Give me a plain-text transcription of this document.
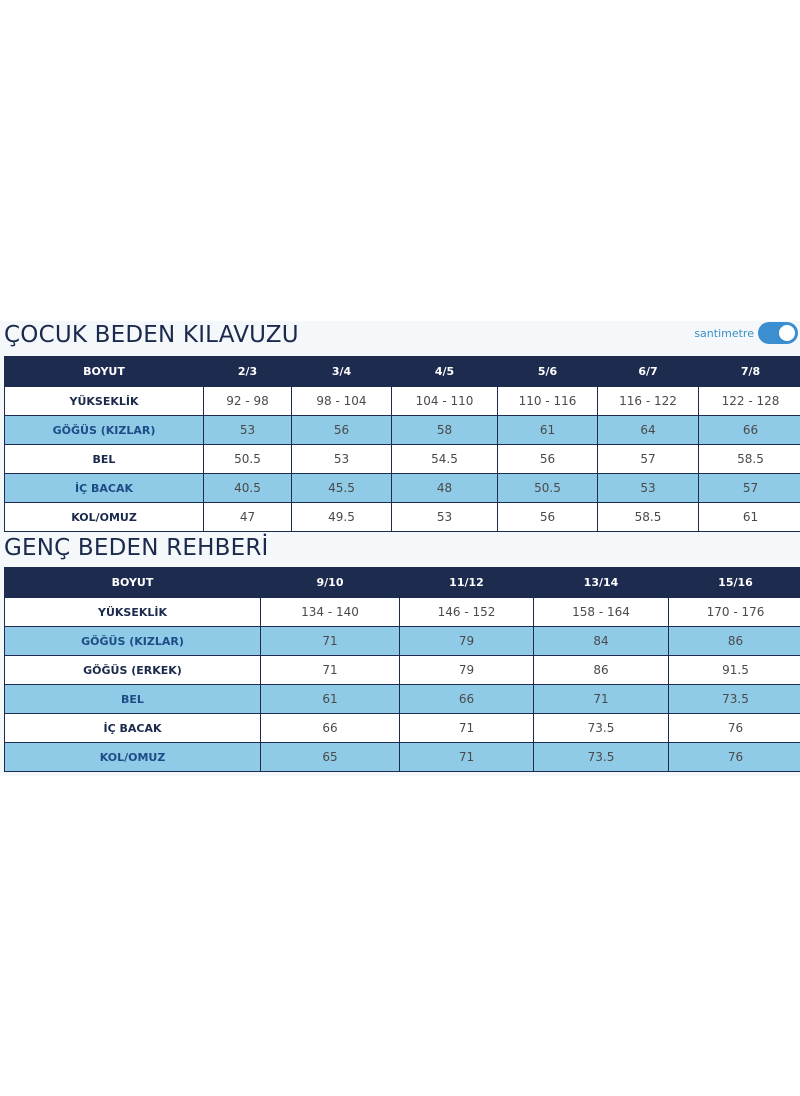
ÇOCUK BEDEN KILAVUZU	santimetre
BOYUT	2/3	3/4	4/5	5/6	6/7	7/8
YÜKSEKLİK	92 - 98	98 - 104	104 - 110	110 - 116	116 - 122	122 - 128
GÖĞÜS (KIZLAR)	53	56	58	61	64	66
BEL	50.5	53	54.5	56	57	58.5
İÇ BACAK	40.5	45.5	48	50.5	53	57
KOL/OMUZ	47	49.5	53	56	58.5	61
GENÇ BEDEN REHBERİ
BOYUT	9/10	11/12	13/14	15/16
YÜKSEKLİK	134 - 140	146 - 152	158 - 164	170 - 176
GÖĞÜS (KIZLAR)	71	79	84	86
GÖĞÜS (ERKEK)	71	79	86	91.5
BEL	61	66	71	73.5
İÇ BACAK	66	71	73.5	76
KOL/OMUZ	65	71	73.5	76
